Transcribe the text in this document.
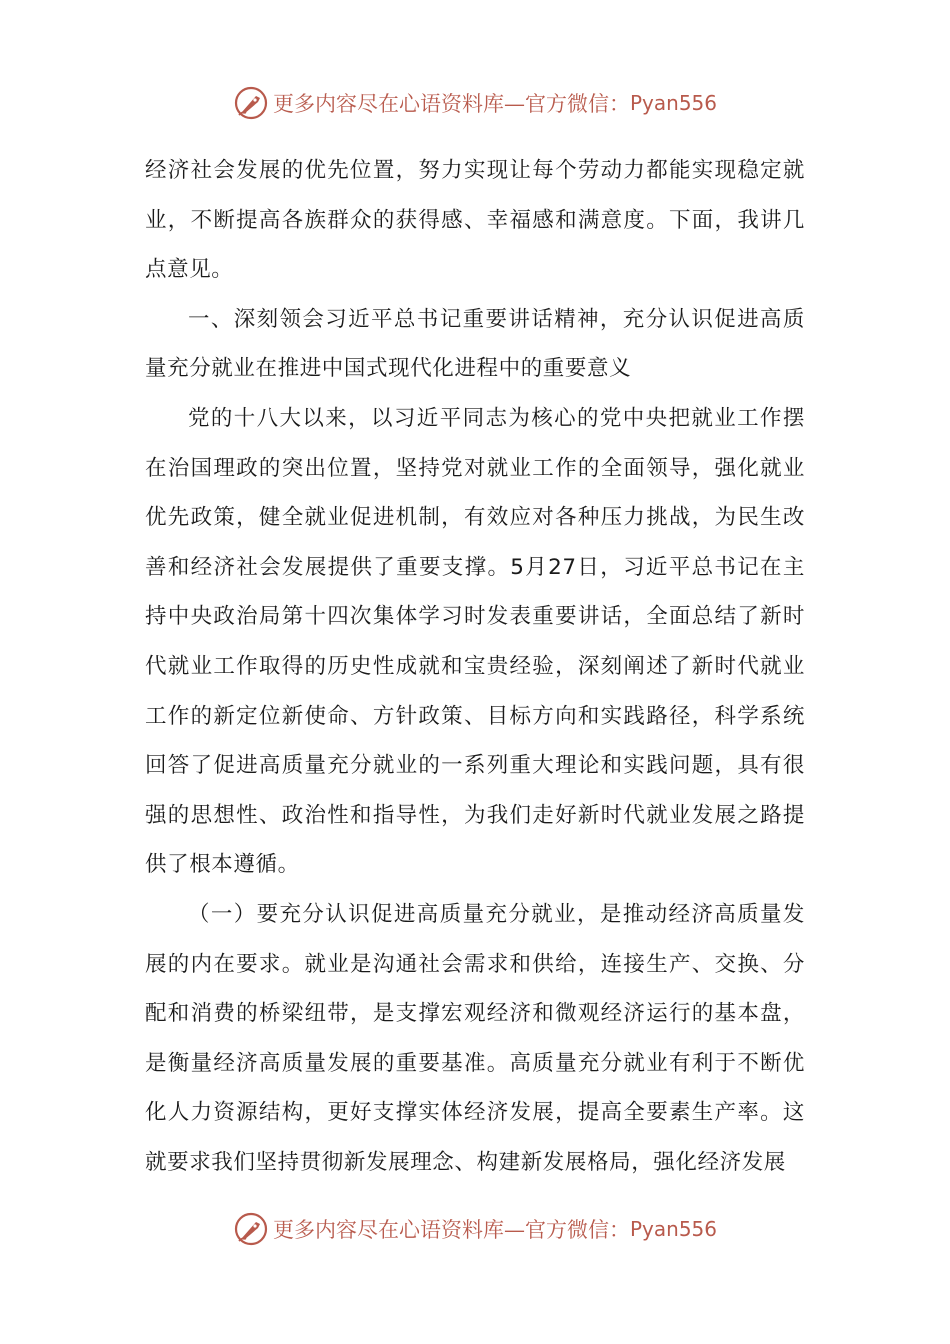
更多内容尽在心语资料库—官方微信： Pyan556

经济社会发展的优先位置，努力实现让每个劳动力都能实现稳定就业，不断提高各族群众的获得感、幸福感和满意度。下面，我讲几点意见。

一、深刻领会习近平总书记重要讲话精神，充分认识促进高质量充分就业在推进中国式现代化进程中的重要意义

党的十八大以来，以习近平同志为核心的党中央把就业工作摆在治国理政的突出位置，坚持党对就业工作的全面领导，强化就业优先政策，健全就业促进机制，有效应对各种压力挑战，为民生改善和经济社会发展提供了重要支撑。5月27日，习近平总书记在主持中央政治局第十四次集体学习时发表重要讲话，全面总结了新时代就业工作取得的历史性成就和宝贵经验，深刻阐述了新时代就业工作的新定位新使命、方针政策、目标方向和实践路径，科学系统回答了促进高质量充分就业的一系列重大理论和实践问题，具有很强的思想性、政治性和指导性，为我们走好新时代就业发展之路提供了根本遵循。

（一）要充分认识促进高质量充分就业，是推动经济高质量发展的内在要求。就业是沟通社会需求和供给，连接生产、交换、分配和消费的桥梁纽带，是支撑宏观经济和微观经济运行的基本盘，是衡量经济高质量发展的重要基准。高质量充分就业有利于不断优化人力资源结构，更好支撑实体经济发展，提高全要素生产率。这就要求我们坚持贯彻新发展理念、构建新发展格局，强化经济发展

更多内容尽在心语资料库—官方微信： Pyan556
